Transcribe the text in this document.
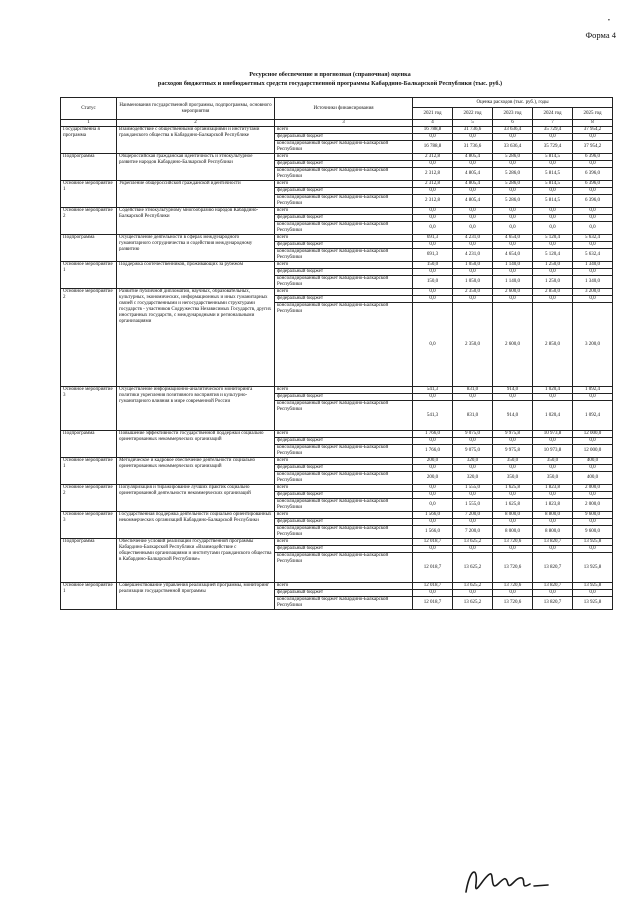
•
Форма 4
Ресурсное обеспечение и прогнозная (справочная) оценка
расходов бюджетных и внебюджетных средств государственной программы Кабардино-Балкарской Республики (тыс. руб.)
Статус	Наименования государственной программы, подпрограммы, основного мероприятия	Источники финансирования	Оценка расходов (тыс. руб.), годы				
			2021 год	2022 год	2023 год	2024 год	2025 год
1	2	3	4	5	6	7	8
Государственна я программа	Взаимодействие с общественными организациями и институтами гражданского общества в Кабардино-Балкарской Республике	всего	16 788,8	31 736,6	33 636,4	35 729,4	37 954,2
		федеральный бюджет	0,0	0,0	0,0	0,0	0,0
		консолидированный бюджет Кабардино-Балкарской Республики	16 788,8	31 736,6	33 636,4	35 729,4	37 954,2
Подпрограмма	Общероссийская гражданская идентичность и этнокультурное развитие народов Кабардино-Балкарской Республики	всего	2 312,8	4 805,4	5 286,0	5 814,5	6 396,0
		федеральный бюджет	0,0	0,0	0,0	0,0	0,0
		консолидированный бюджет Кабардино-Балкарской Республики	2 312,8	4 805,4	5 286,0	5 814,5	6 396,0
Основное мероприятие 1	Укрепление общероссийской гражданской идентичности	всего	2 312,8	4 805,4	5 286,0	5 814,5	6 396,0
		федеральный бюджет	0,0	0,0	0,0	0,0	0,0
		консолидированный бюджет Кабардино-Балкарской Республики	2 312,8	4 805,4	5 286,0	5 814,5	6 396,0
Основное мероприятие 2	Содействие этнокультурному многообразию народов Кабардино-Балкарской Республики	всего	0,0	0,0	0,0	0,0	0,0
		федеральный бюджет	0,0	0,0	0,0	0,0	0,0
		консолидированный бюджет Кабардино-Балкарской Республики	0,0	0,0	0,0	0,0	0,0
Подпрограмма	Осуществление деятельности в сферах международного гуманитарного сотрудничества и содействия международному развитию	всего	691,3	4 231,0	4 654,0	5 120,4	5 632,4
		федеральный бюджет	0,0	0,0	0,0	0,0	0,0
		консолидированный бюджет Кабардино-Балкарской Республики	691,3	4 231,0	4 654,0	5 120,4	5 632,4
Основное мероприятие 1	Поддержка соотечественников, проживающих за рубежом	всего	150,0	1 050,0	1 140,0	1 250,0	1 340,0
		федеральный бюджет	0,0	0,0	0,0	0,0	0,0
		консолидированный бюджет Кабардино-Балкарской Республики	150,0	1 050,0	1 140,0	1 250,0	1 340,0
Основное мероприятие 2	Развитие публичной дипломатии, научных, образовательных, культурных, экономических, информационных и иных гуманитарных связей с государственными и негосударственными структурами государств - участников Содружества Независимых Государств, других иностранных государств, с международными и региональными организациями	всего	0,0	2 350,0	2 600,0	2 850,0	3 200,0
		федеральный бюджет	0,0	0,0	0,0	0,0	0,0
		консолидированный бюджет Кабардино-Балкарской Республики	0,0	2 350,0	2 600,0	2 850,0	3 200,0
Основное мероприятие 3	Осуществление информационно-аналитического мониторинга политики укрепления позитивного восприятия и культурно-гуманитарного влияния в мире современной России	всего	541,3	831,0	914,0	1 020,4	1 092,4
		федеральный бюджет	0,0	0,0	0,0	0,0	0,0
		консолидированный бюджет Кабардино-Балкарской Республики	541,3	831,0	914,0	1 020,4	1 092,4
Подпрограмма	Повышение эффективности государственной поддержки социально ориентированных некоммерческих организаций	всего	1 766,0	9 075,0	9 975,8	10 973,8	12 000,0
		федеральный бюджет	0,0	0,0	0,0	0,0	0,0
		консолидированный бюджет Кабардино-Балкарской Республики	1 766,0	9 075,0	9 975,8	10 973,8	12 000,0
Основное мероприятие 1	Методическое и кадровое обеспечение деятельности социально ориентированных некоммерческих организаций	всего	200,0	320,0	350,0	350,0	400,0
		федеральный бюджет	0,0	0,0	0,0	0,0	0,0
		консолидированный бюджет Кабардино-Балкарской Республики	200,0	320,0	350,0	350,0	400,0
Основное мероприятие 2	Популяризация и тиражирование лучших практик социально ориентированной деятельности некоммерческих организаций	всего	0,0	1 555,0	1 625,8	1 823,8	2 000,0
		федеральный бюджет	0,0	0,0	0,0	0,0	0,0
		консолидированный бюджет Кабардино-Балкарской Республики	0,0	1 555,0	1 625,8	1 823,8	2 000,0
Основное мероприятие 3	Государственная поддержка деятельности социально ориентированных некоммерческих организаций Кабардино-Балкарской Республики	всего	1 566,0	7 200,0	8 000,0	8 800,0	9 600,0
		федеральный бюджет	0,0	0,0	0,0	0,0	0,0
		консолидированный бюджет Кабардино-Балкарской Республики	1 566,0	7 200,0	8 000,0	8 800,0	9 600,0
Подпрограмма	Обеспечение условий реализации государственной программы Кабардино-Балкарской Республики «Взаимодействие с общественными организациями и институтами гражданского общества в Кабардино-Балкарской Республике»	всего	12 018,7	13 625,2	13 720,6	13 820,7	13 925,8
		федеральный бюджет	0,0	0,0	0,0	0,0	0,0
		консолидированный бюджет Кабардино-Балкарской Республики	12 018,7	13 625,2	13 720,6	13 820,7	13 925,8
Основное мероприятие 1	Совершенствование управления реализацией программы, мониторинг реализации государственной программы	всего	12 018,7	13 625,2	13 720,6	13 820,7	13 925,8
		федеральный бюджет	0,0	0,0	0,0	0,0	0,0
		консолидированный бюджет Кабардино-Балкарской Республики	12 018,7	13 625,2	13 720,6	13 820,7	13 925,8
